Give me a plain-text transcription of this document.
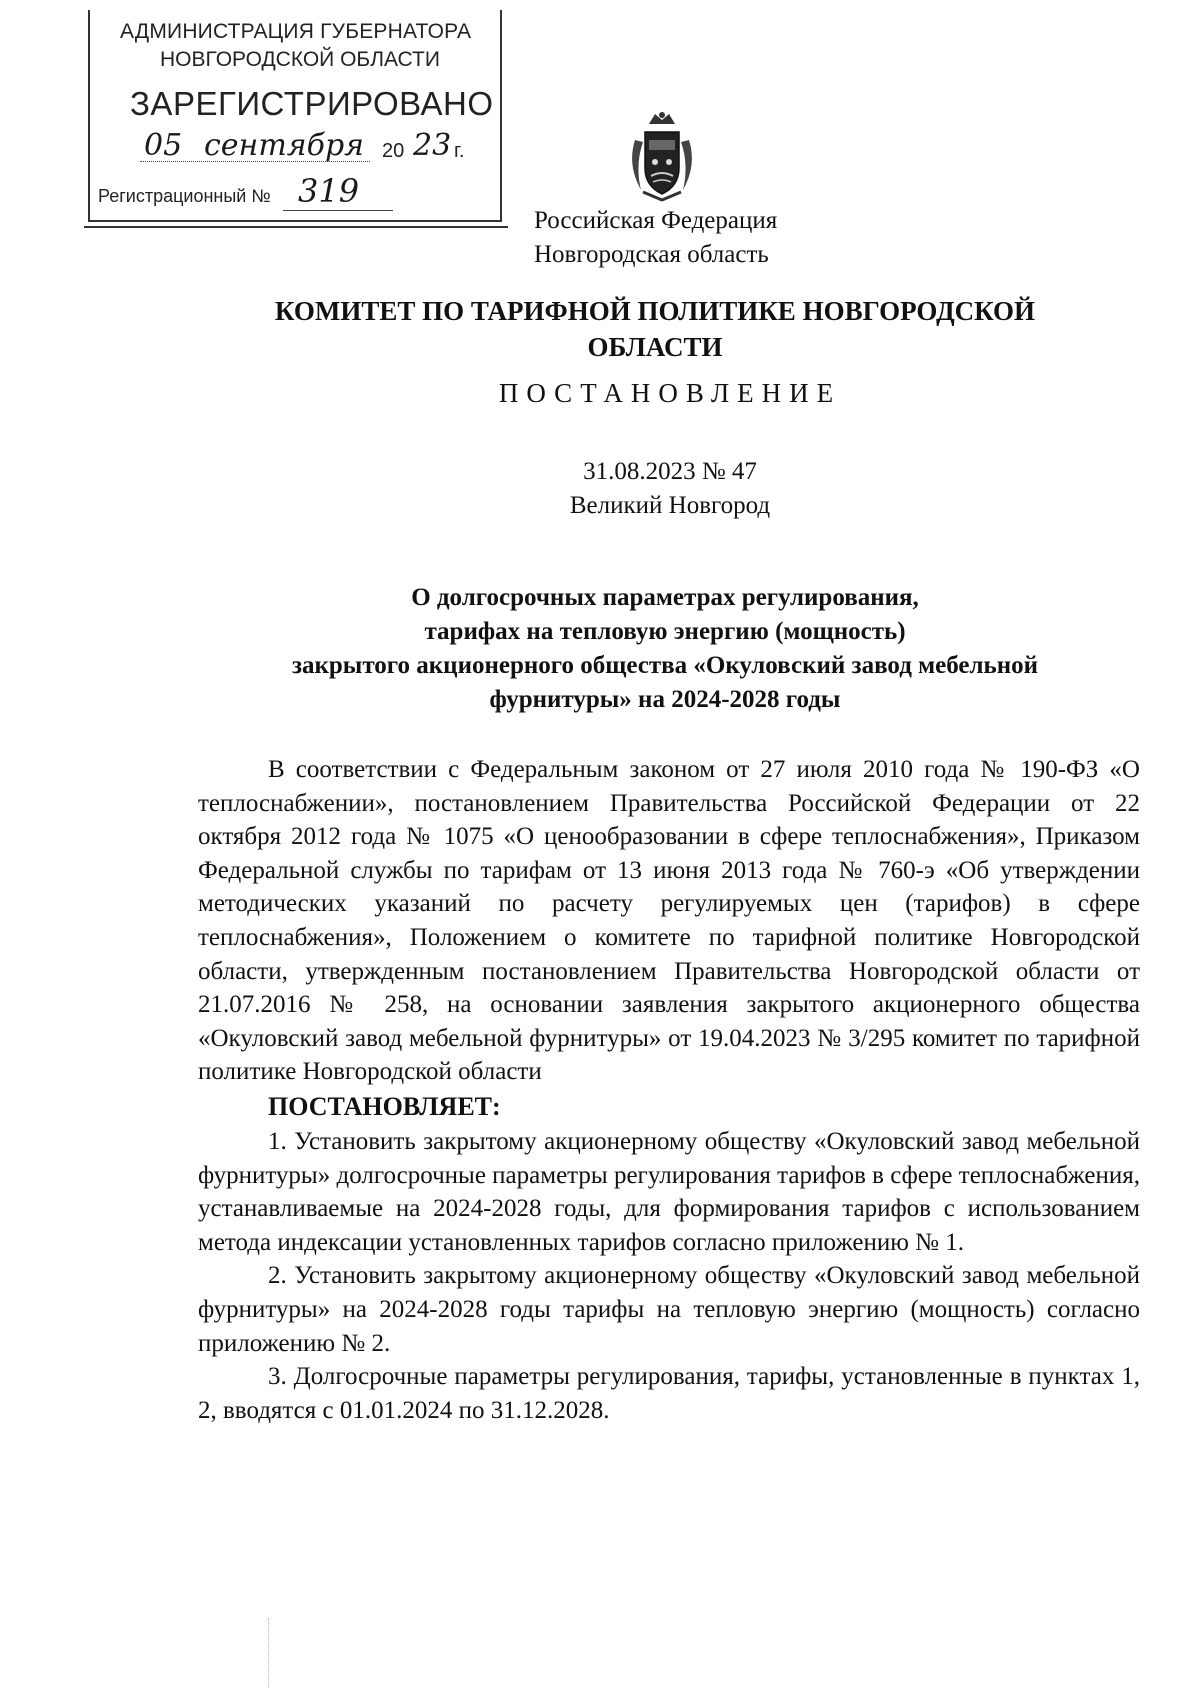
АДМИНИСТРАЦИЯ ГУБЕРНАТОРА
НОВГОРОДСКОЙ ОБЛАСТИ
ЗАРЕГИСТРИРОВАНО
05 сентября 20 23 г.
Регистрационный № 319
Российская Федерация
Новгородская область
КОМИТЕТ ПО ТАРИФНОЙ ПОЛИТИКЕ НОВГОРОДСКОЙ ОБЛАСТИ
ПОСТАНОВЛЕНИЕ
31.08.2023 № 47
Великий Новгород
О долгосрочных параметрах регулирования,
тарифах на тепловую энергию (мощность)
закрытого акционерного общества «Окуловский завод мебельной
фурнитуры» на 2024-2028 годы

В соответствии с Федеральным законом от 27 июля 2010 года № 190-ФЗ «О теплоснабжении», постановлением Правительства Российской Федерации от 22 октября 2012 года № 1075 «О ценообразовании в сфере теплоснабжения», Приказом Федеральной службы по тарифам от 13 июня 2013 года № 760-э «Об утверждении методических указаний по расчету регулируемых цен (тарифов) в сфере теплоснабжения», Положением о комитете по тарифной политике Новгородской области, утвержденным постановлением Правительства Новгородской области от 21.07.2016 № 258, на основании заявления закрытого акционерного общества «Окуловский завод мебельной фурнитуры» от 19.04.2023 № 3/295 комитет по тарифной политике Новгородской области

ПОСТАНОВЛЯЕТ:

1. Установить закрытому акционерному обществу «Окуловский завод мебельной фурнитуры» долгосрочные параметры регулирования тарифов в сфере теплоснабжения, устанавливаемые на 2024-2028 годы, для формирования тарифов с использованием метода индексации установленных тарифов согласно приложению № 1.

2. Установить закрытому акционерному обществу «Окуловский завод мебельной фурнитуры» на 2024-2028 годы тарифы на тепловую энергию (мощность) согласно приложению № 2.

3. Долгосрочные параметры регулирования, тарифы, установленные в пунктах 1, 2, вводятся с 01.01.2024 по 31.12.2028.
